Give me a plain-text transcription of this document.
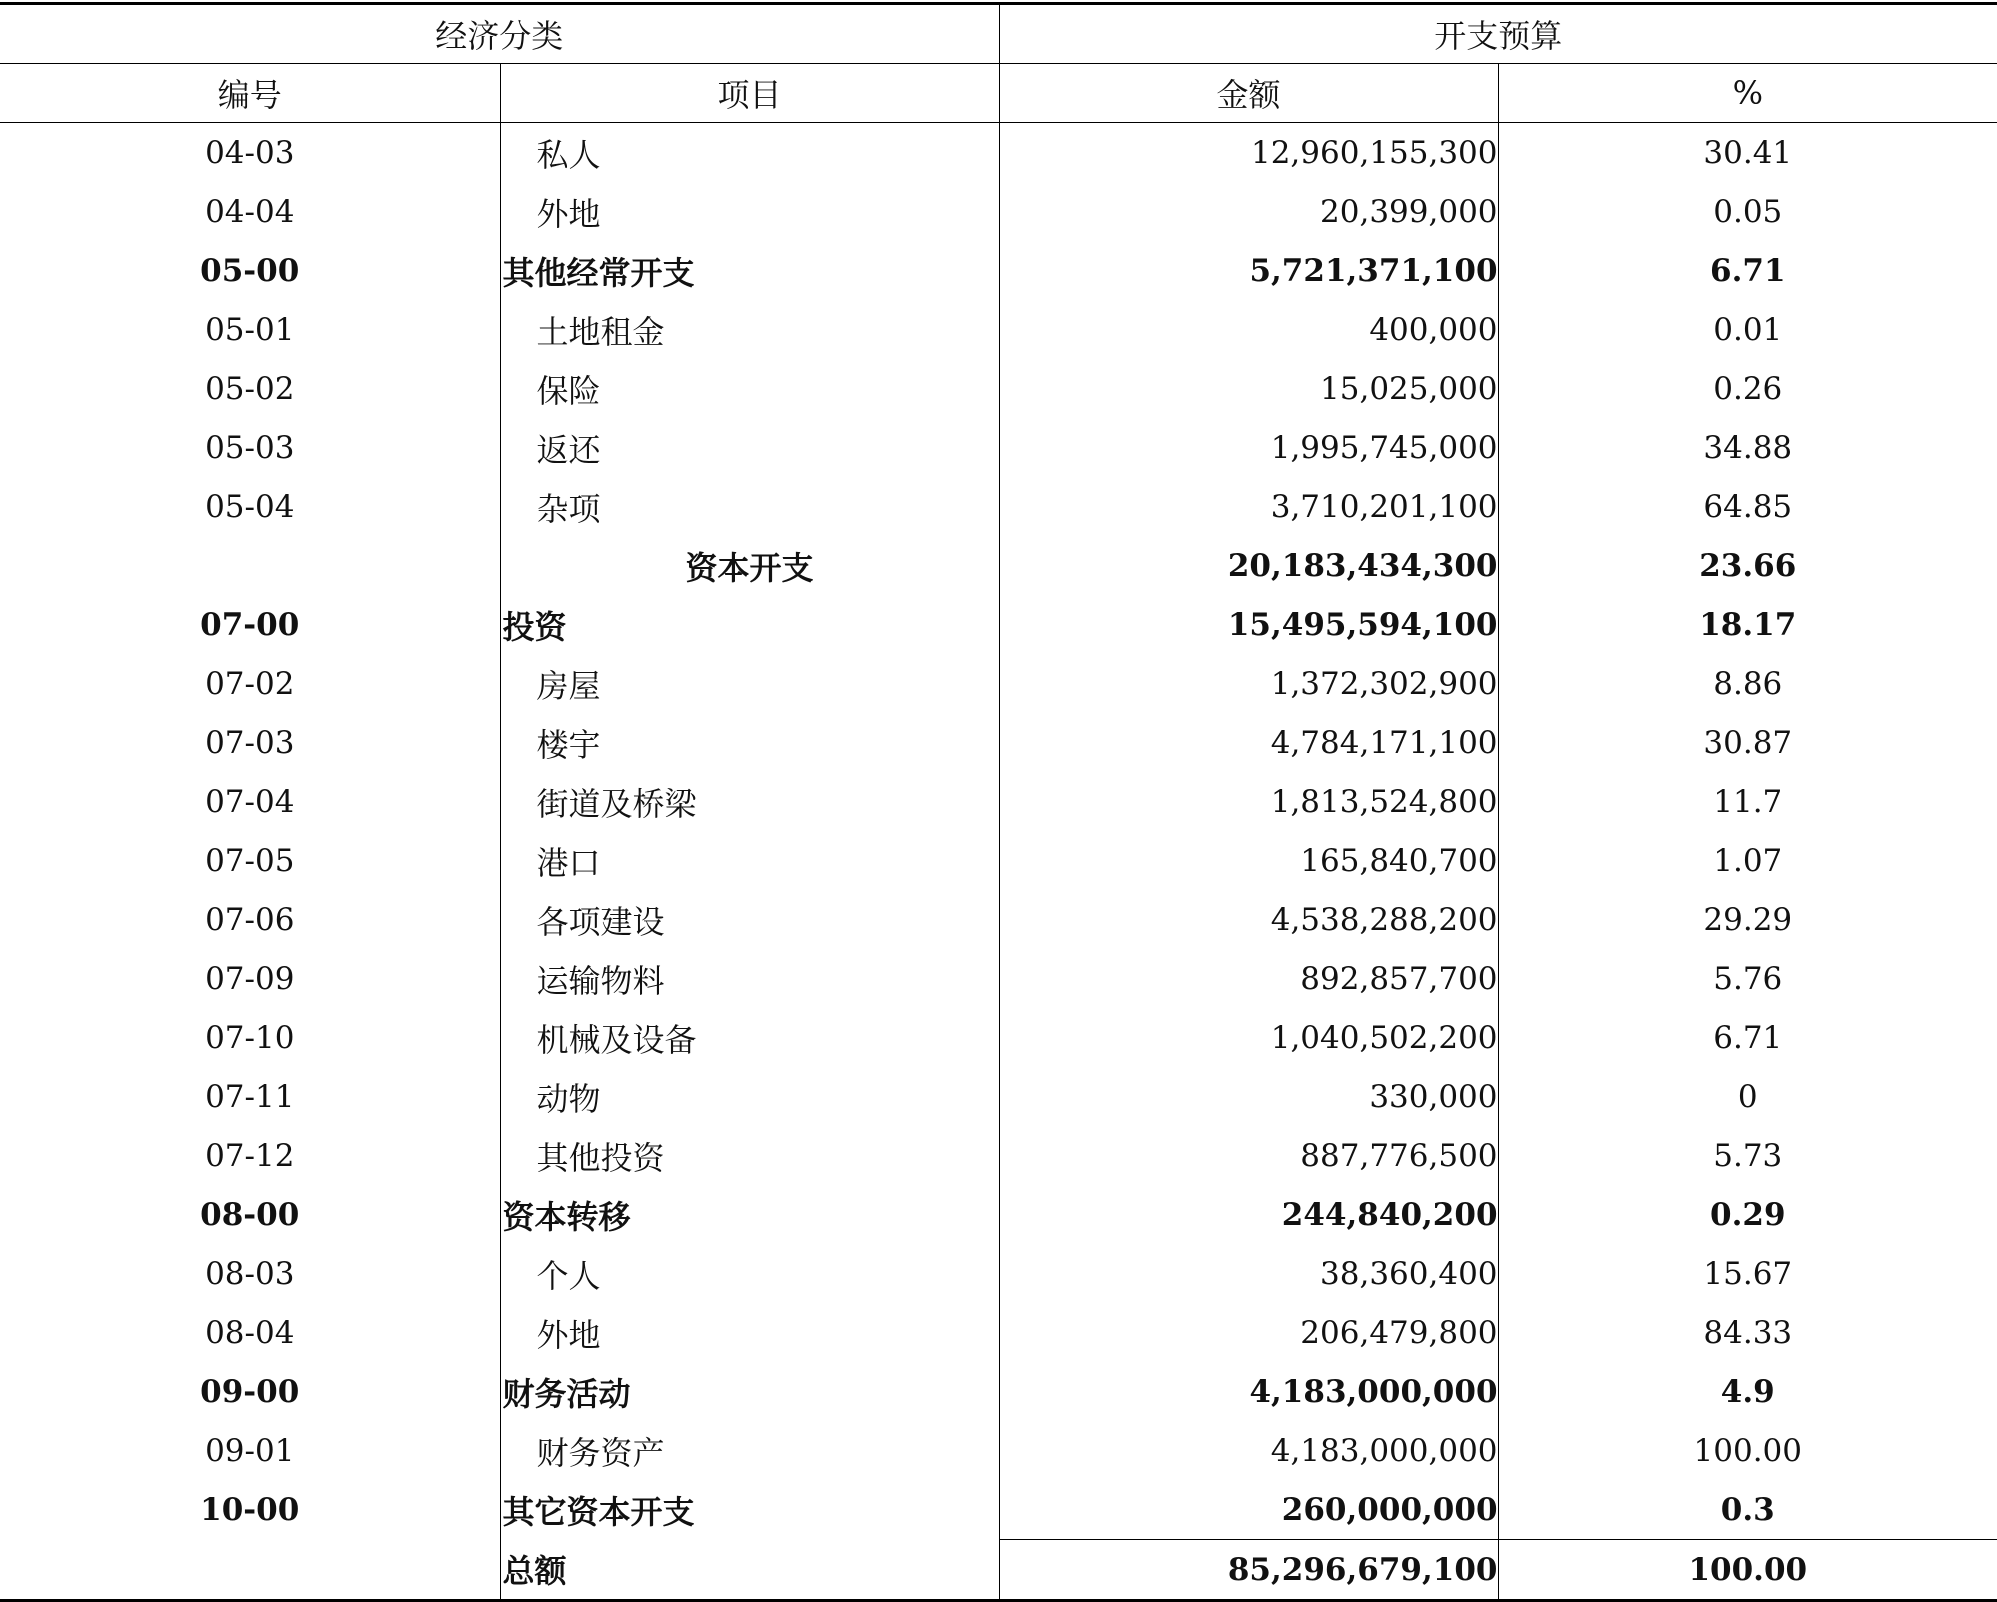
经济分类		开支预算	
编号	项目	金额	%
04-03	私人	12,960,155,300	30.41
04-04	外地	20,399,000	0.05
05-00	其他经常开支	5,721,371,100	6.71
05-01	土地租金	400,000	0.01
05-02	保险	15,025,000	0.26
05-03	返还	1,995,745,000	34.88
05-04	杂项	3,710,201,100	64.85
	资本开支	20,183,434,300	23.66
07-00	投资	15,495,594,100	18.17
07-02	房屋	1,372,302,900	8.86
07-03	楼宇	4,784,171,100	30.87
07-04	街道及桥梁	1,813,524,800	11.7
07-05	港口	165,840,700	1.07
07-06	各项建设	4,538,288,200	29.29
07-09	运输物料	892,857,700	5.76
07-10	机械及设备	1,040,502,200	6.71
07-11	动物	330,000	0
07-12	其他投资	887,776,500	5.73
08-00	资本转移	244,840,200	0.29
08-03	个人	38,360,400	15.67
08-04	外地	206,479,800	84.33
09-00	财务活动	4,183,000,000	4.9
09-01	财务资产	4,183,000,000	100.00
10-00	其它资本开支	260,000,000	0.3
	总额	85,296,679,100	100.00
